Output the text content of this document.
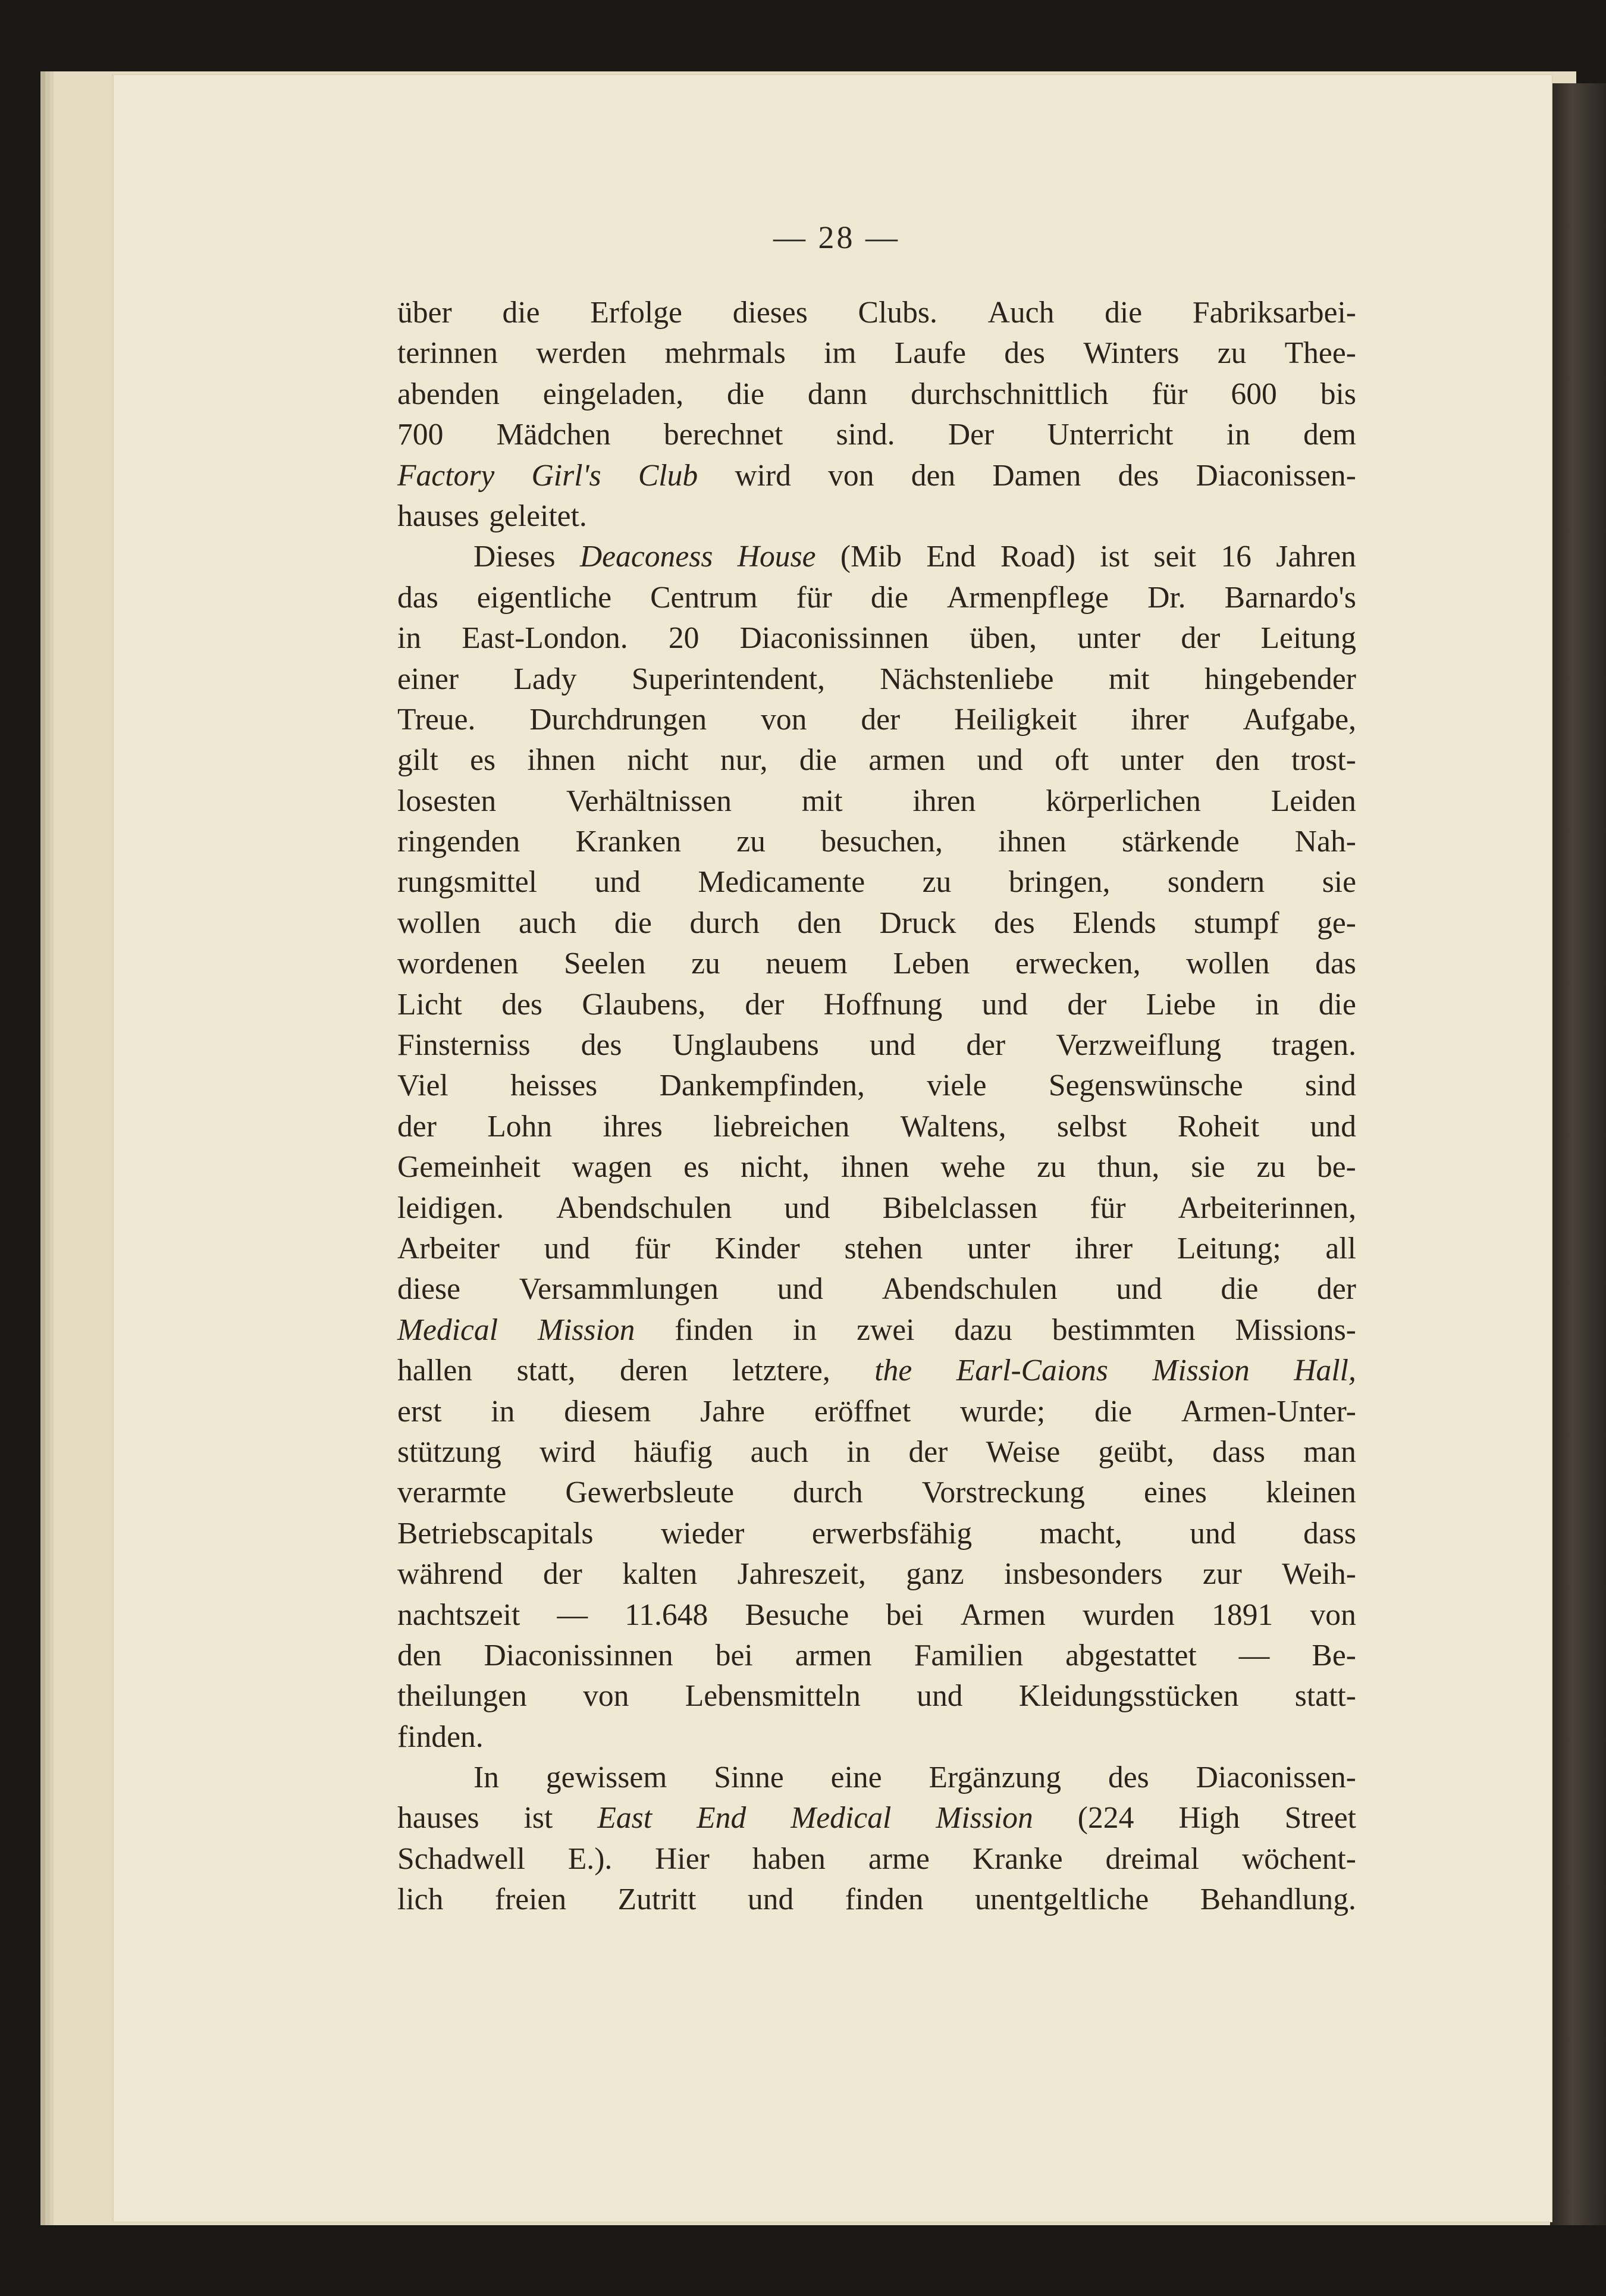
— 28 —
über die Erfolge dieses Clubs. Auch die Fabriksarbei-
terinnen werden mehrmals im Laufe des Winters zu Thee-
abenden eingeladen, die dann durchschnittlich für 600 bis
700 Mädchen berechnet sind. Der Unterricht in dem
Factory Girl's Club wird von den Damen des Diaconissen-
hauses geleitet.
Dieses Deaconess House (Mib End Road) ist seit 16 Jahren
das eigentliche Centrum für die Armenpflege Dr. Barnardo's
in East-London. 20 Diaconissinnen üben, unter der Leitung
einer Lady Superintendent, Nächstenliebe mit hingebender
Treue. Durchdrungen von der Heiligkeit ihrer Aufgabe,
gilt es ihnen nicht nur, die armen und oft unter den trost-
losesten Verhältnissen mit ihren körperlichen Leiden
ringenden Kranken zu besuchen, ihnen stärkende Nah-
rungsmittel und Medicamente zu bringen, sondern sie
wollen auch die durch den Druck des Elends stumpf ge-
wordenen Seelen zu neuem Leben erwecken, wollen das
Licht des Glaubens, der Hoffnung und der Liebe in die
Finsterniss des Unglaubens und der Verzweiflung tragen.
Viel heisses Dankempfinden, viele Segenswünsche sind
der Lohn ihres liebreichen Waltens, selbst Roheit und
Gemeinheit wagen es nicht, ihnen wehe zu thun, sie zu be-
leidigen. Abendschulen und Bibelclassen für Arbeiterinnen,
Arbeiter und für Kinder stehen unter ihrer Leitung; all
diese Versammlungen und Abendschulen und die der
Medical Mission finden in zwei dazu bestimmten Missions-
hallen statt, deren letztere, the Earl-Caions Mission Hall,
erst in diesem Jahre eröffnet wurde; die Armen-Unter-
stützung wird häufig auch in der Weise geübt, dass man
verarmte Gewerbsleute durch Vorstreckung eines kleinen
Betriebscapitals wieder erwerbsfähig macht, und dass
während der kalten Jahreszeit, ganz insbesonders zur Weih-
nachtszeit — 11.648 Besuche bei Armen wurden 1891 von
den Diaconissinnen bei armen Familien abgestattet — Be-
theilungen von Lebensmitteln und Kleidungsstücken statt-
finden.
In gewissem Sinne eine Ergänzung des Diaconissen-
hauses ist East End Medical Mission (224 High Street
Schadwell E.). Hier haben arme Kranke dreimal wöchent-
lich freien Zutritt und finden unentgeltliche Behandlung.
